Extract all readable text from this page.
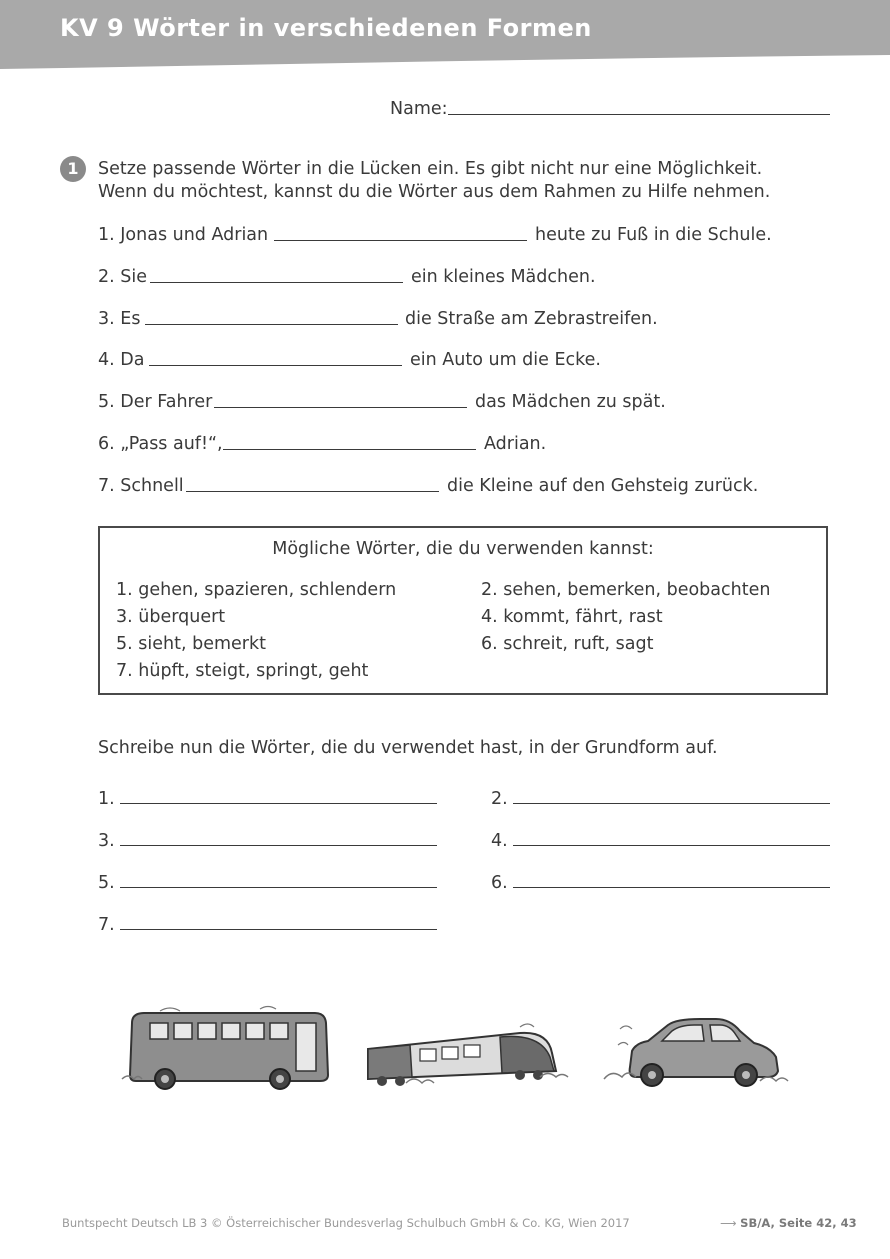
KV 9 Wörter in verschiedenen Formen
Name:
1	Setze passende Wörter in die Lücken ein. Es gibt nicht nur eine Möglichkeit.
Wenn du möchtest, kannst du die Wörter aus dem Rahmen zu Hilfe nehmen.
1. Jonas und Adrian	heute zu Fuß in die Schule.
2. Sie	ein kleines Mädchen.
3. Es	die Straße am Zebrastreifen.
4. Da	ein Auto um die Ecke.
5. Der Fahrer	das Mädchen zu spät.
6. „Pass auf!“,	Adrian.
7. Schnell	die Kleine auf den Gehsteig zurück.
Mögliche Wörter, die du verwenden kannst:
1. gehen, spazieren, schlendern	2. sehen, bemerken, beobachten
3. überquert	4. kommt, fährt, rast
5. sieht, bemerkt	6. schreit, ruft, sagt
7. hüpft, steigt, springt, geht
Schreibe nun die Wörter, die du verwendet hast, in der Grundform auf.
1.	2.
3.	4.
5.	6.
7.
Buntspecht Deutsch LB 3 © Österreichischer Bundesverlag Schulbuch GmbH & Co. KG, Wien 2017	⟶ SB/A, Seite 42, 43
